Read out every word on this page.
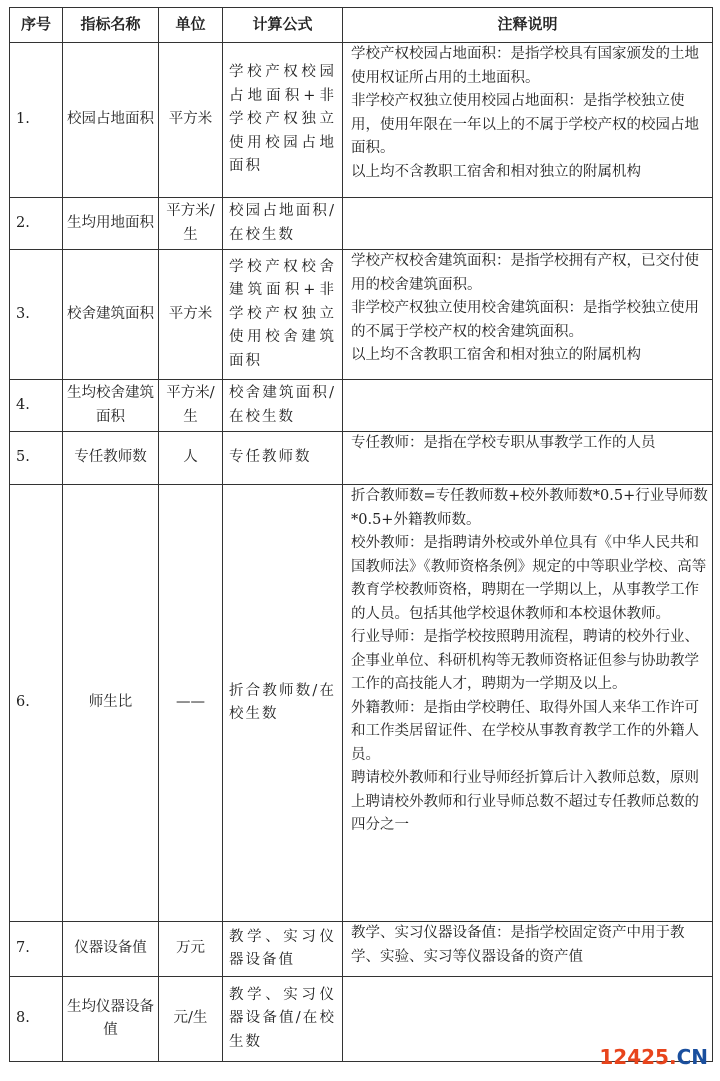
序号	指标名称	单位	计算公式	注释说明
1.	校园占地面积	平方米	学校产权校园占地面积+非学校产权独立使用校园占地面积	学校产权校园占地面积：是指学校具有国家颁发的土地使用权证所占用的土地面积。

非学校产权独立使用校园占地面积：是指学校独立使用，使用年限在一年以上的不属于学校产权的校园占地面积。

以上均不含教职工宿舍和相对独立的附属机构

2.	生均用地面积	平方米/生	校园占地面积/在校生数	
3.	校舍建筑面积	平方米	学校产权校舍建筑面积+非学校产权独立使用校舍建筑面积	学校产权校舍建筑面积：是指学校拥有产权，已交付使用的校舍建筑面积。

非学校产权独立使用校舍建筑面积：是指学校独立使用的不属于学校产权的校舍建筑面积。

以上均不含教职工宿舍和相对独立的附属机构

4.	生均校舍建筑面积	平方米/生	校舍建筑面积/在校生数	
5.	专任教师数	人	专任教师数	专任教师：是指在学校专职从事教学工作的人员

6.	师生比	——	折合教师数/在校生数	折合教师数=专任教师数+校外教师数*0.5+行业导师数*0.5+外籍教师数。

校外教师：是指聘请外校或外单位具有《中华人民共和国教师法》《教师资格条例》规定的中等职业学校、高等教育学校教师资格，聘期在一学期以上，从事教学工作的人员。包括其他学校退休教师和本校退休教师。

行业导师：是指学校按照聘用流程，聘请的校外行业、企事业单位、科研机构等无教师资格证但参与协助教学工作的高技能人才，聘期为一学期及以上。

外籍教师：是指由学校聘任、取得外国人来华工作许可和工作类居留证件、在学校从事教育教学工作的外籍人员。

聘请校外教师和行业导师经折算后计入教师总数，原则上聘请校外教师和行业导师总数不超过专任教师总数的四分之一

7.	仪器设备值	万元	教学、实习仪器设备值	教学、实习仪器设备值：是指学校固定资产中用于教学、实验、实习等仪器设备的资产值

8.	生均仪器设备值	元/生	教学、实习仪器设备值/在校生数	
12425.CN
